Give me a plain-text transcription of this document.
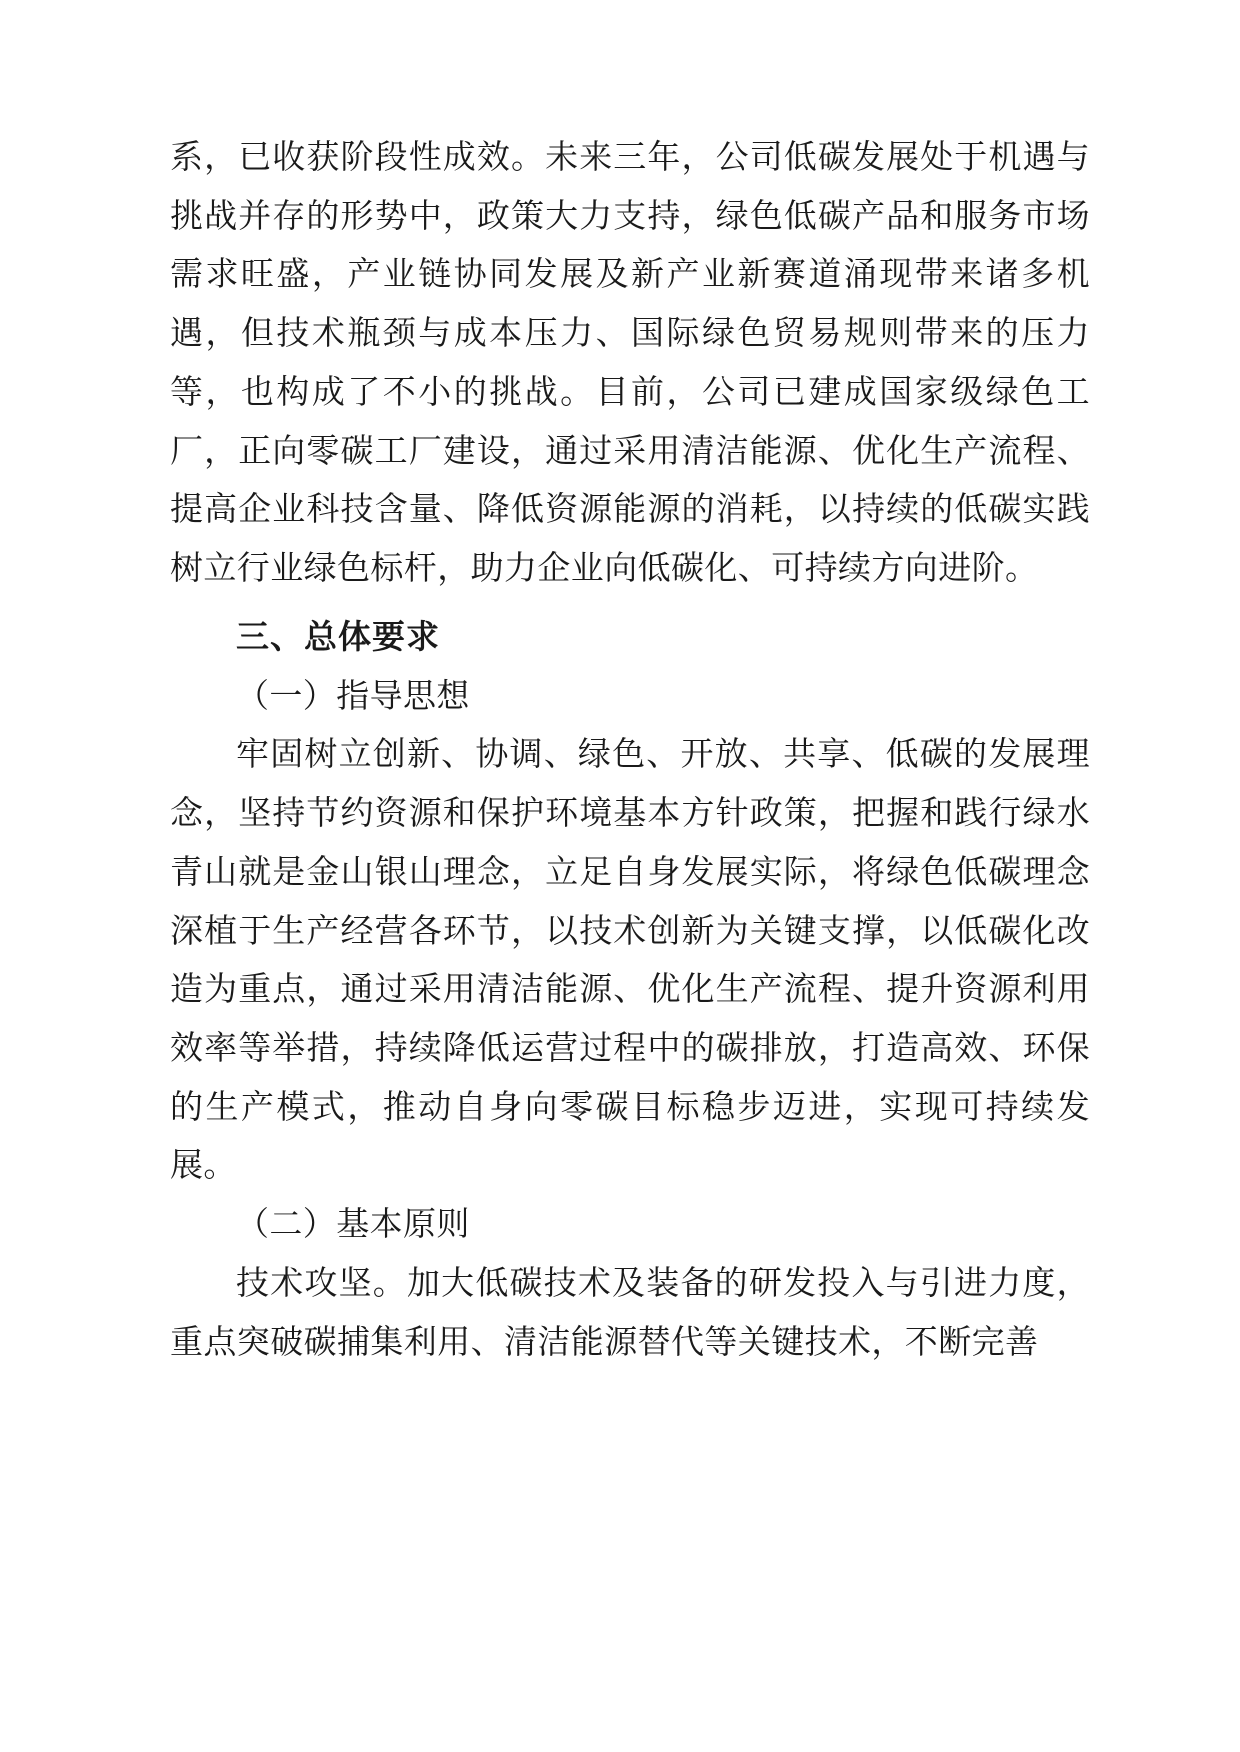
系，已收获阶段性成效。未来三年，公司低碳发展处于机遇与挑战并存的形势中，政策大力支持，绿色低碳产品和服务市场需求旺盛，产业链协同发展及新产业新赛道涌现带来诸多机遇，但技术瓶颈与成本压力、国际绿色贸易规则带来的压力等，也构成了不小的挑战。目前，公司已建成国家级绿色工厂，正向零碳工厂建设，通过采用清洁能源、优化生产流程、提高企业科技含量、降低资源能源的消耗，以持续的低碳实践树立行业绿色标杆，助力企业向低碳化、可持续方向进阶。

三、总体要求

（一）指导思想

牢固树立创新、协调、绿色、开放、共享、低碳的发展理念，坚持节约资源和保护环境基本方针政策，把握和践行绿水青山就是金山银山理念，立足自身发展实际，将绿色低碳理念深植于生产经营各环节，以技术创新为关键支撑，以低碳化改造为重点，通过采用清洁能源、优化生产流程、提升资源利用效率等举措，持续降低运营过程中的碳排放，打造高效、环保的生产模式，推动自身向零碳目标稳步迈进，实现可持续发展。

（二）基本原则

技术攻坚。加大低碳技术及装备的研发投入与引进力度，重点突破碳捕集利用、清洁能源替代等关键技术，不断完善
